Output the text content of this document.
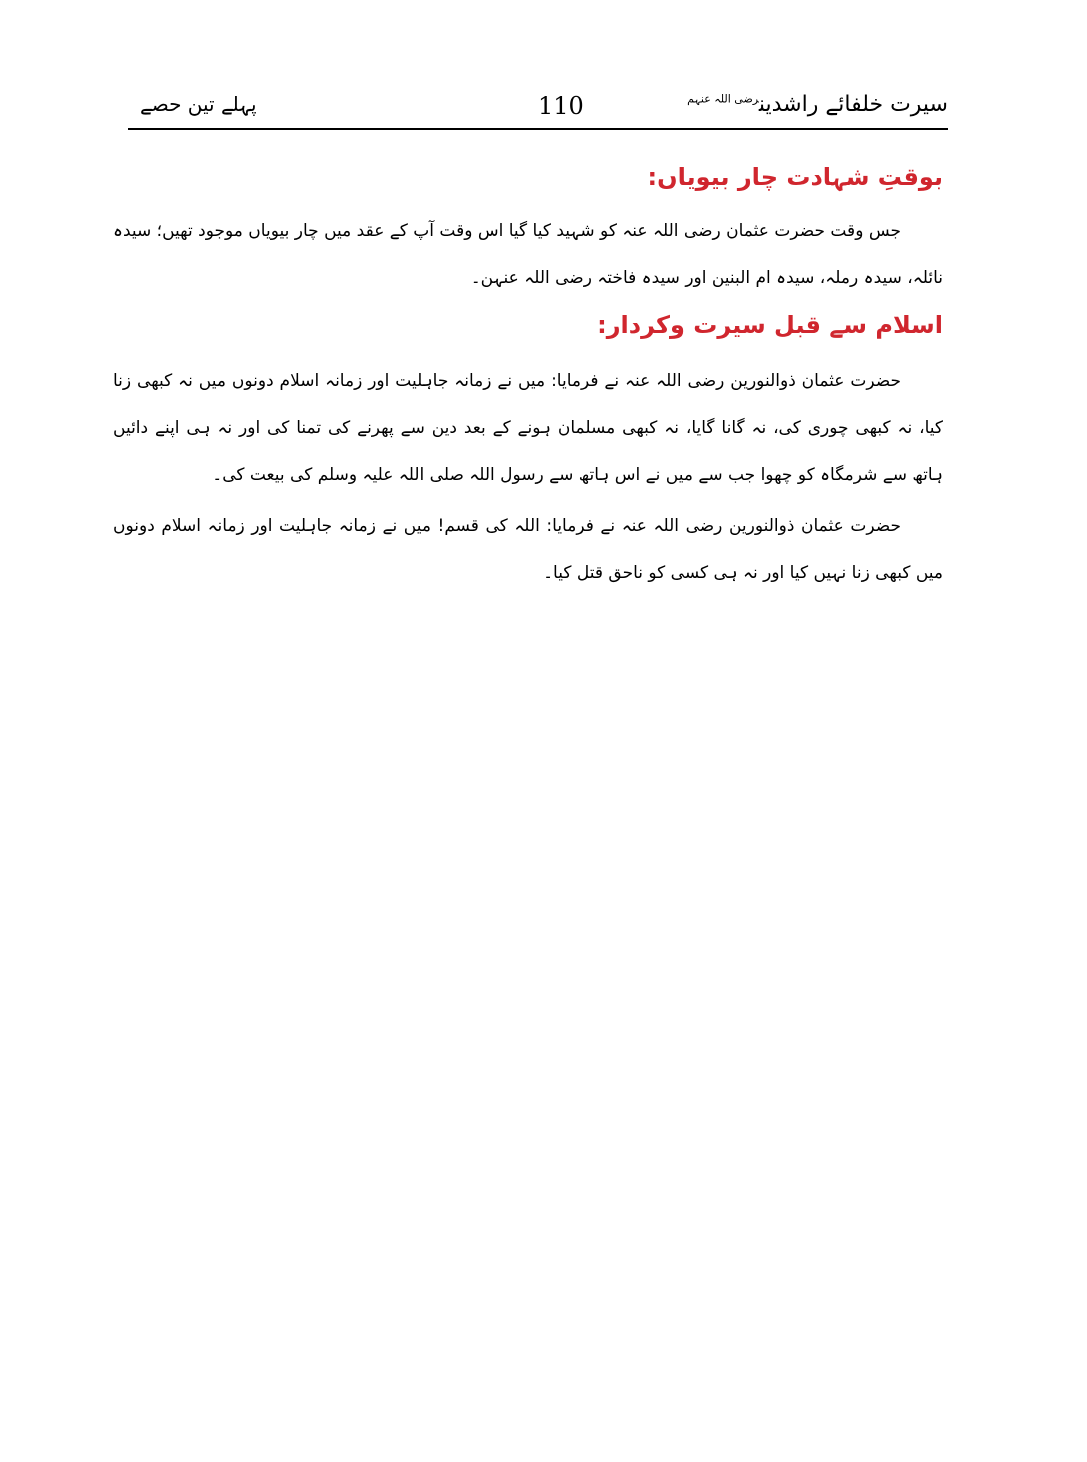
سیرت خلفائے راشدین$^{رضی اللہ عنہم}$
110
پہلے تین حصے
بوقتِ شہادت چار بیویاں:

جس وقت حضرت عثمان رضی اللہ عنہ کو شہید کیا گیا اس وقت آپ کے عقد میں چار بیویاں موجود تھیں؛ سیدہ نائلہ، سیدہ رملہ، سیدہ ام البنین اور سیدہ فاختہ رضی اللہ عنہن۔

اسلام سے قبل سیرت وکردار:

حضرت عثمان ذوالنورین رضی اللہ عنہ نے فرمایا: میں نے زمانہ جاہلیت اور زمانہ اسلام دونوں میں نہ کبھی زنا کیا، نہ کبھی چوری کی، نہ گانا گایا، نہ کبھی مسلمان ہونے کے بعد دین سے پھرنے کی تمنا کی اور نہ ہی اپنے دائیں ہاتھ سے شرمگاہ کو چھوا جب سے میں نے اس ہاتھ سے رسول اللہ صلی اللہ علیہ وسلم کی بیعت کی۔

حضرت عثمان ذوالنورین رضی اللہ عنہ نے فرمایا: اللہ کی قسم! میں نے زمانہ جاہلیت اور زمانہ اسلام دونوں میں کبھی زنا نہیں کیا اور نہ ہی کسی کو ناحق قتل کیا۔
